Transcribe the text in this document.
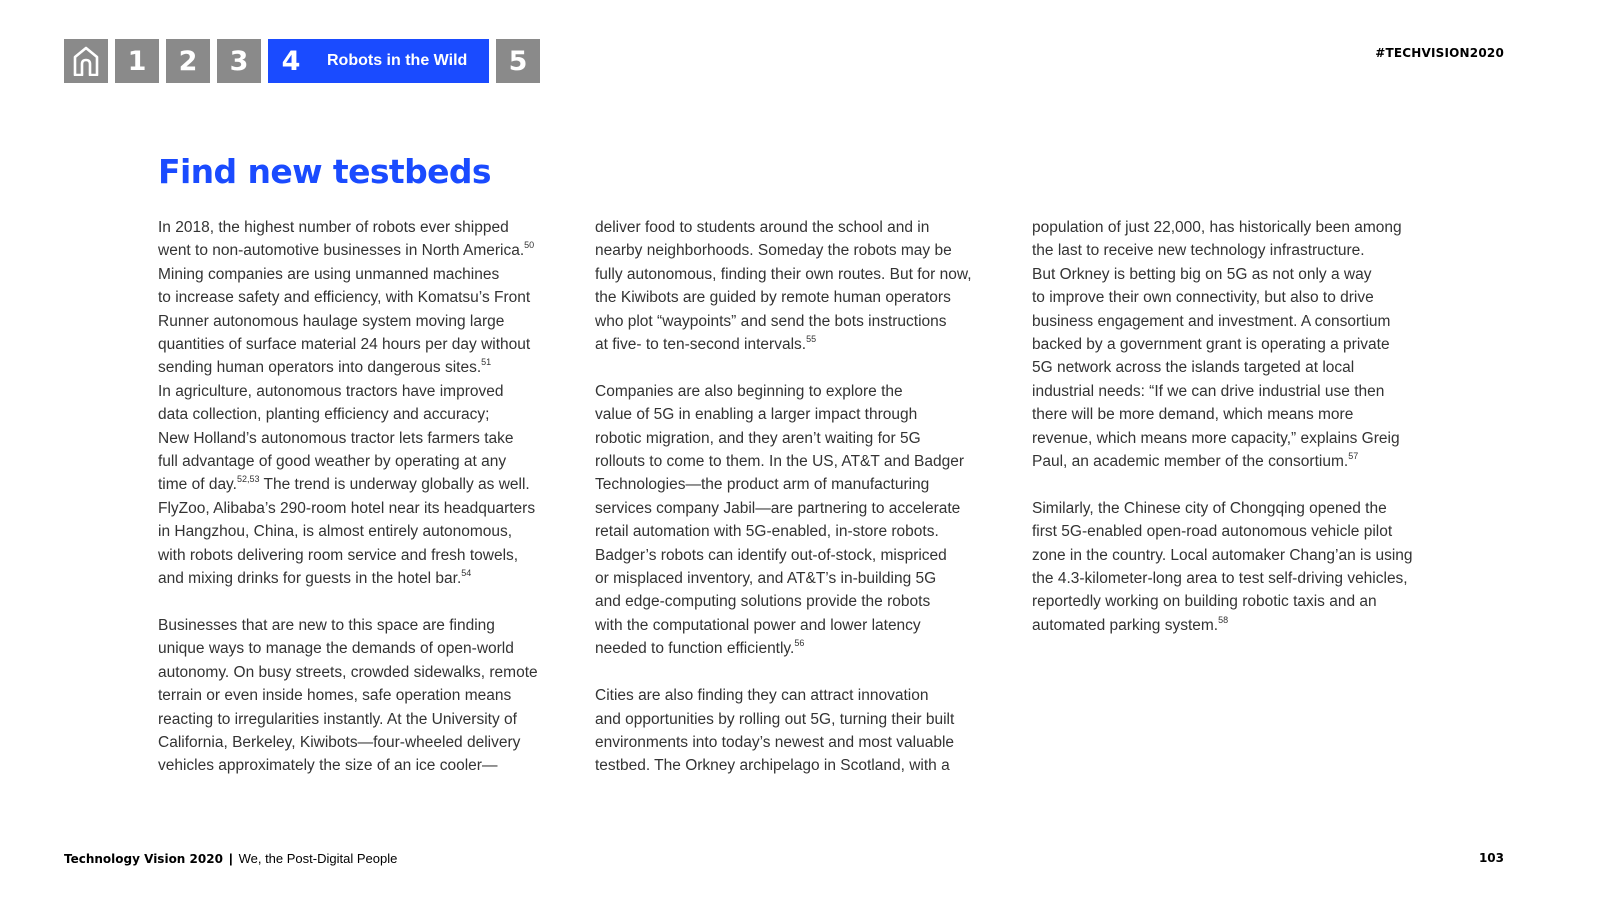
1	2	3	4 Robots in the Wild	5	#TECHVISION2020
Find new testbeds

In 2018, the highest number of robots ever shipped
went to non-automotive businesses in North America.$^{50}$
Mining companies are using unmanned machines
to increase safety and efficiency, with Komatsu’s Front
Runner autonomous haulage system moving large
quantities of surface material 24 hours per day without
sending human operators into dangerous sites.$^{51}$
In agriculture, autonomous tractors have improved
data collection, planting efficiency and accuracy;
New Holland’s autonomous tractor lets farmers take
full advantage of good weather by operating at any
time of day.$^{52,53}$ The trend is underway globally as well.
FlyZoo, Alibaba’s 290-room hotel near its headquarters
in Hangzhou, China, is almost entirely autonomous,
with robots delivering room service and fresh towels,
and mixing drinks for guests in the hotel bar.$^{54}$

Businesses that are new to this space are finding
unique ways to manage the demands of open-world
autonomy. On busy streets, crowded sidewalks, remote
terrain or even inside homes, safe operation means
reacting to irregularities instantly. At the University of
California, Berkeley, Kiwibots—four-wheeled delivery
vehicles approximately the size of an ice cooler—

deliver food to students around the school and in
nearby neighborhoods. Someday the robots may be
fully autonomous, finding their own routes. But for now,
the Kiwibots are guided by remote human operators
who plot “waypoints” and send the bots instructions
at five- to ten-second intervals.$^{55}$

Companies are also beginning to explore the
value of 5G in enabling a larger impact through
robotic migration, and they aren’t waiting for 5G
rollouts to come to them. In the US, AT&T and Badger
Technologies—the product arm of manufacturing
services company Jabil—are partnering to accelerate
retail automation with 5G-enabled, in-store robots.
Badger’s robots can identify out-of-stock, mispriced
or misplaced inventory, and AT&T’s in-building 5G
and edge-computing solutions provide the robots
with the computational power and lower latency
needed to function efficiently.$^{56}$

Cities are also finding they can attract innovation
and opportunities by rolling out 5G, turning their built
environments into today’s newest and most valuable
testbed. The Orkney archipelago in Scotland, with a

population of just 22,000, has historically been among
the last to receive new technology infrastructure.
But Orkney is betting big on 5G as not only a way
to improve their own connectivity, but also to drive
business engagement and investment. A consortium
backed by a government grant is operating a private
5G network across the islands targeted at local
industrial needs: “If we can drive industrial use then
there will be more demand, which means more
revenue, which means more capacity,” explains Greig
Paul, an academic member of the consortium.$^{57}$

Similarly, the Chinese city of Chongqing opened the
first 5G-enabled open-road autonomous vehicle pilot
zone in the country. Local automaker Chang’an is using
the 4.3-kilometer-long area to test self-driving vehicles,
reportedly working on building robotic taxis and an
automated parking system.$^{58}$

Technology Vision 2020 | We, the Post-Digital People	103
